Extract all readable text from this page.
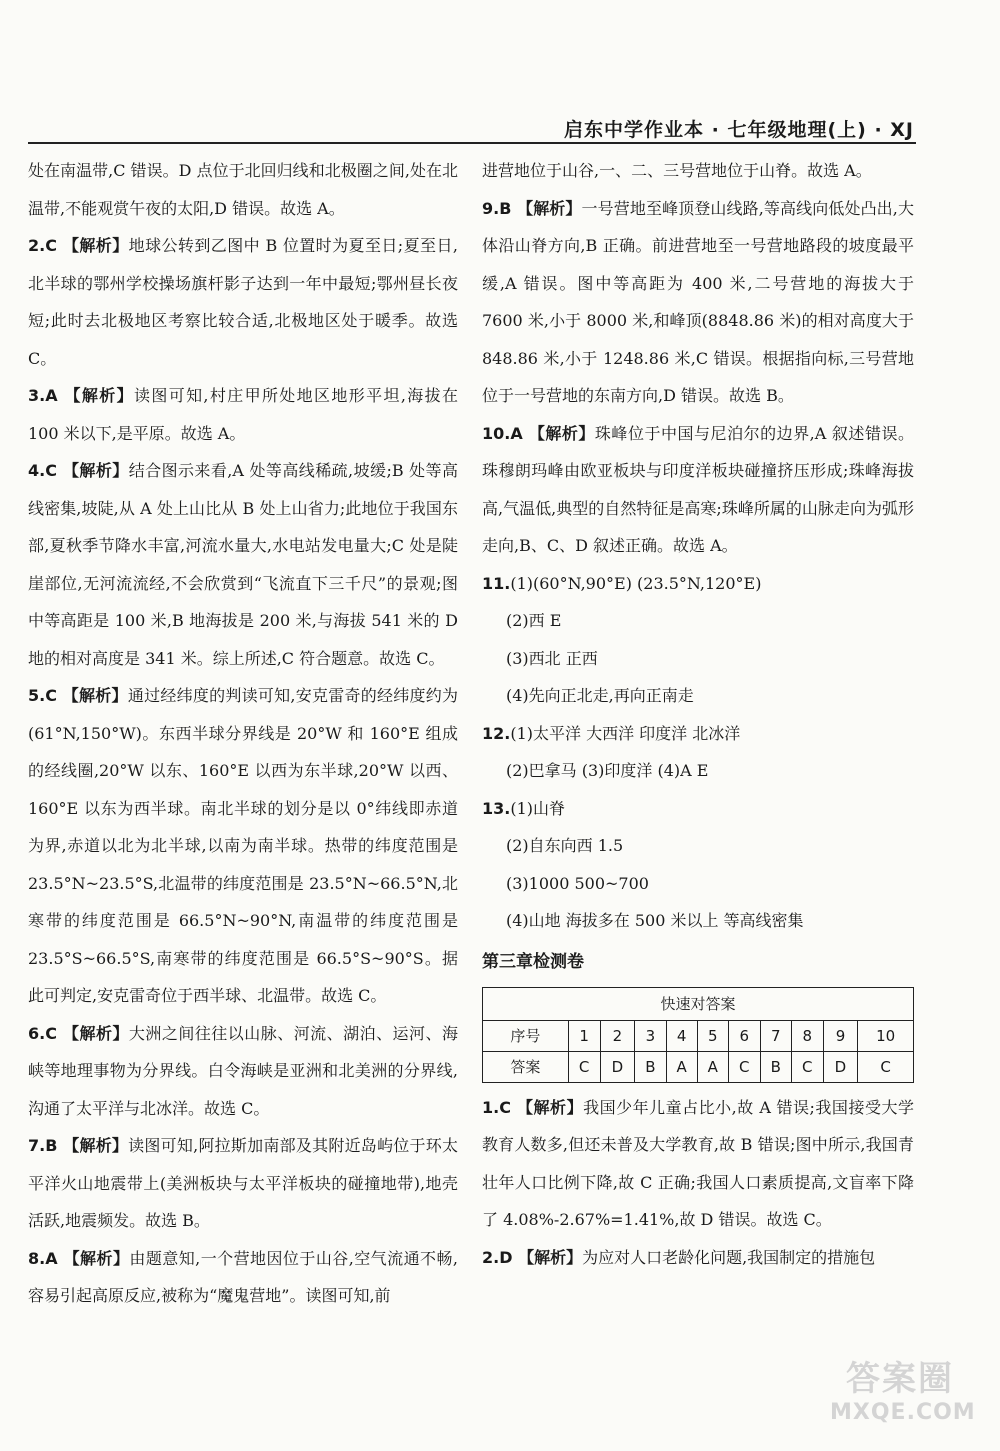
启东中学作业本 · 七年级地理(上) · XJ

处在南温带,C 错误。D 点位于北回归线和北极圈之间,处在北温带,不能观赏午夜的太阳,D 错误。故选 A。

2.C 【解析】地球公转到乙图中 B 位置时为夏至日;夏至日,北半球的鄂州学校操场旗杆影子达到一年中最短;鄂州昼长夜短;此时去北极地区考察比较合适,北极地区处于暖季。故选 C。

3.A 【解析】读图可知,村庄甲所处地区地形平坦,海拔在 100 米以下,是平原。故选 A。

4.C 【解析】结合图示来看,A 处等高线稀疏,坡缓;B 处等高线密集,坡陡,从 A 处上山比从 B 处上山省力;此地位于我国东部,夏秋季节降水丰富,河流水量大,水电站发电量大;C 处是陡崖部位,无河流流经,不会欣赏到“飞流直下三千尺”的景观;图中等高距是 100 米,B 地海拔是 200 米,与海拔 541 米的 D 地的相对高度是 341 米。综上所述,C 符合题意。故选 C。

5.C 【解析】通过经纬度的判读可知,安克雷奇的经纬度约为(61°N,150°W)。东西半球分界线是 20°W 和 160°E 组成的经线圈,20°W 以东、160°E 以西为东半球,20°W 以西、160°E 以东为西半球。南北半球的划分是以 0°纬线即赤道为界,赤道以北为北半球,以南为南半球。热带的纬度范围是 23.5°N~23.5°S,北温带的纬度范围是 23.5°N~66.5°N,北寒带的纬度范围是 66.5°N~90°N,南温带的纬度范围是 23.5°S~66.5°S,南寒带的纬度范围是 66.5°S~90°S。据此可判定,安克雷奇位于西半球、北温带。故选 C。

6.C 【解析】大洲之间往往以山脉、河流、湖泊、运河、海峡等地理事物为分界线。白令海峡是亚洲和北美洲的分界线,沟通了太平洋与北冰洋。故选 C。

7.B 【解析】读图可知,阿拉斯加南部及其附近岛屿位于环太平洋火山地震带上(美洲板块与太平洋板块的碰撞地带),地壳活跃,地震频发。故选 B。

8.A 【解析】由题意知,一个营地因位于山谷,空气流通不畅,容易引起高原反应,被称为“魔鬼营地”。读图可知,前

进营地位于山谷,一、二、三号营地位于山脊。故选 A。

9.B 【解析】一号营地至峰顶登山线路,等高线向低处凸出,大体沿山脊方向,B 正确。前进营地至一号营地路段的坡度最平缓,A 错误。图中等高距为 400 米,二号营地的海拔大于 7600 米,小于 8000 米,和峰顶(8848.86 米)的相对高度大于 848.86 米,小于 1248.86 米,C 错误。根据指向标,三号营地位于一号营地的东南方向,D 错误。故选 B。

10.A 【解析】珠峰位于中国与尼泊尔的边界,A 叙述错误。珠穆朗玛峰由欧亚板块与印度洋板块碰撞挤压形成;珠峰海拔高,气温低,典型的自然特征是高寒;珠峰所属的山脉走向为弧形走向,B、C、D 叙述正确。故选 A。

11.(1)(60°N,90°E) (23.5°N,120°E)
(2)西 E
(3)西北 正西
(4)先向正北走,再向正南走
12.(1)太平洋 大西洋 印度洋 北冰洋
(2)巴拿马 (3)印度洋 (4)A E
13.(1)山脊
(2)自东向西 1.5
(3)1000 500~700
(4)山地 海拔多在 500 米以上 等高线密集
第三章检测卷
快速对答案										
序号	1	2	3	4	5	6	7	8	9	10
答案	C	D	B	A	A	C	B	C	D	C

1.C 【解析】我国少年儿童占比小,故 A 错误;我国接受大学教育人数多,但还未普及大学教育,故 B 错误;图中所示,我国青壮年人口比例下降,故 C 正确;我国人口素质提高,文盲率下降了 4.08%-2.67%=1.41%,故 D 错误。故选 C。

2.D 【解析】为应对人口老龄化问题,我国制定的措施包

答案圈
MXQE.COM
